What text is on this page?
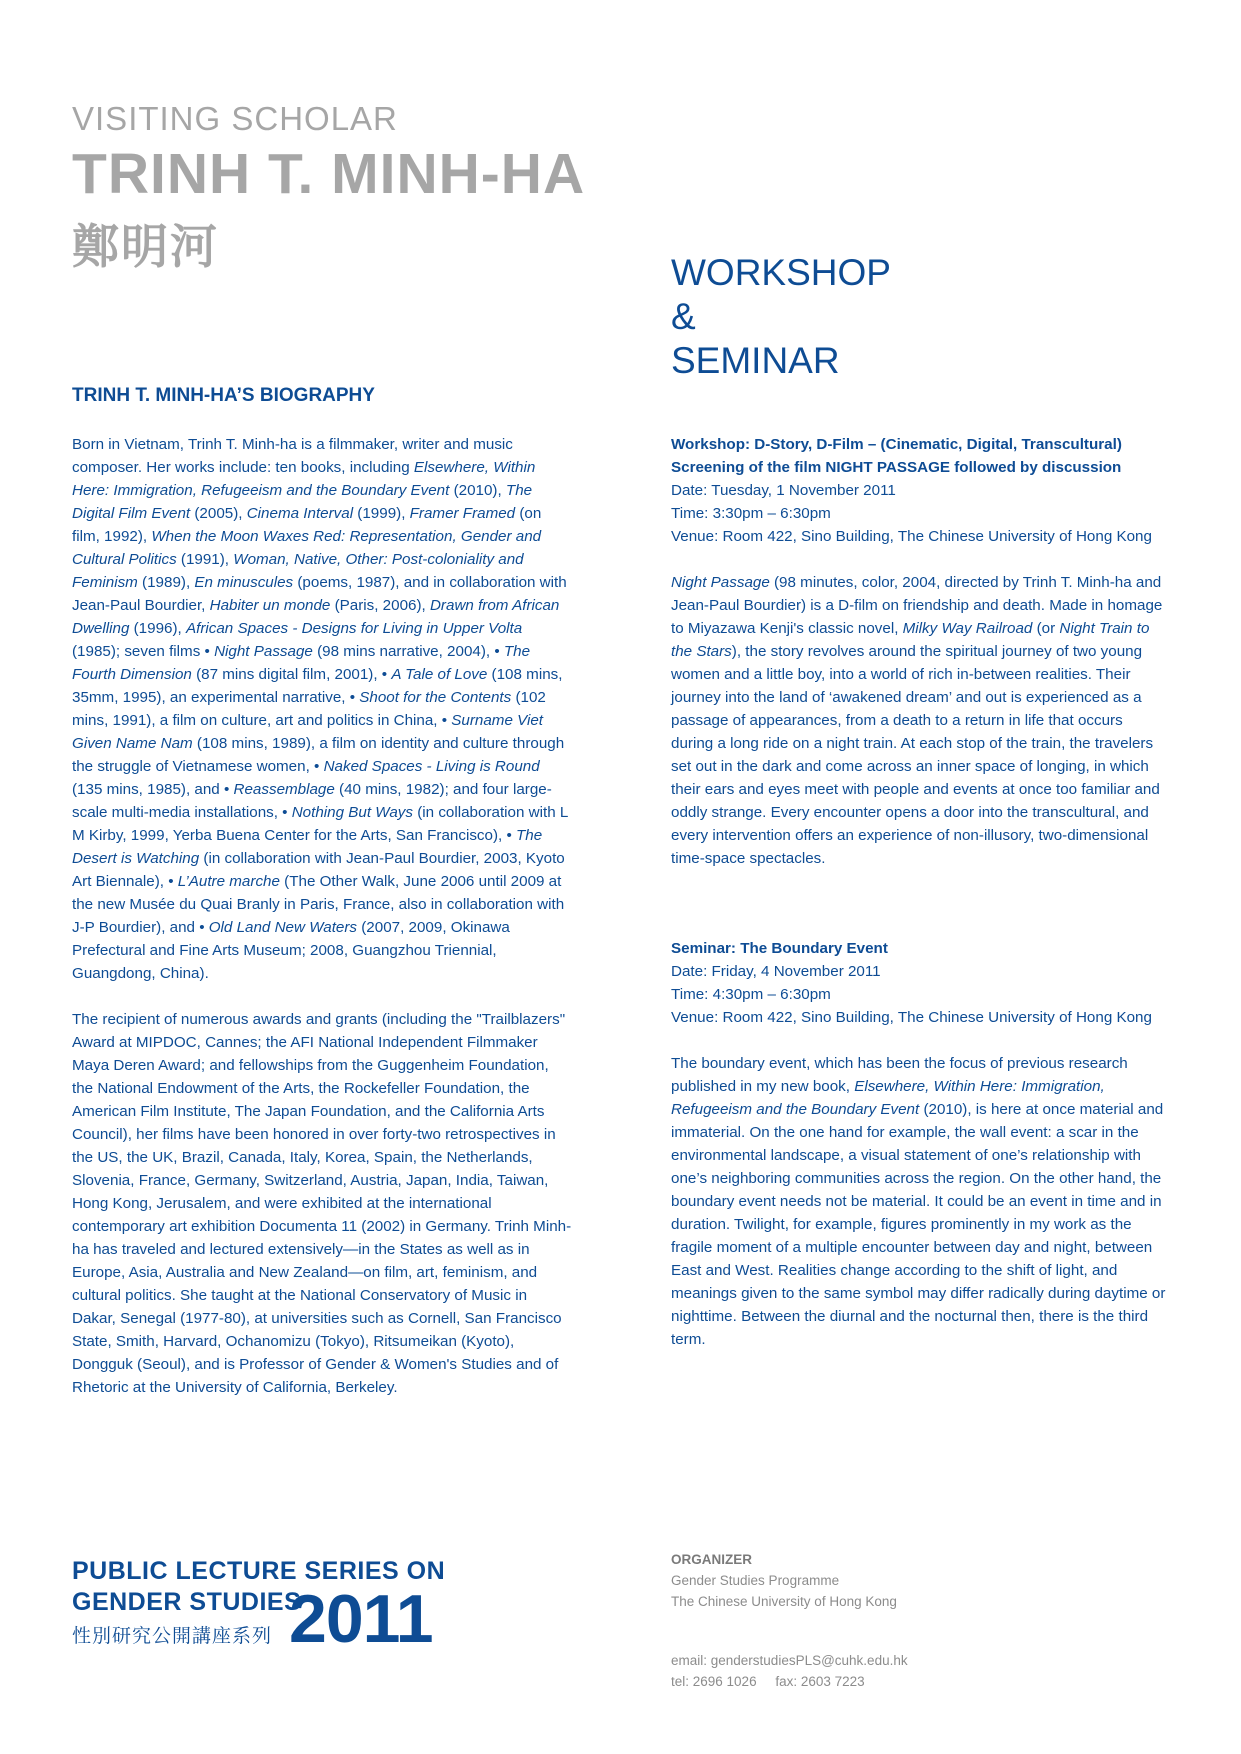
VISITING SCHOLAR
TRINH T. MINH-HA
鄭明河	WORKSHOP
&
SEMINAR
TRINH T. MINH-HA’S BIOGRAPHY

Born in Vietnam, Trinh T. Minh-ha is a filmmaker, writer and music composer. Her works include: ten books, including Elsewhere, Within Here: Immigration, Refugeeism and the Boundary Event (2010), The Digital Film Event (2005), Cinema Interval (1999), Framer Framed (on film, 1992), When the Moon Waxes Red: Representation, Gender and Cultural Politics (1991), Woman, Native, Other: Post-coloniality and Feminism (1989), En minuscules (poems, 1987), and in collaboration with Jean-Paul Bourdier, Habiter un monde (Paris, 2006), Drawn from African Dwelling (1996), African Spaces - Designs for Living in Upper Volta (1985); seven films • Night Passage (98 mins narrative, 2004), • The Fourth Dimension (87 mins digital film, 2001), • A Tale of Love (108 mins, 35mm, 1995), an experimental narrative, • Shoot for the Contents (102 mins, 1991), a film on culture, art and politics in China, • Surname Viet Given Name Nam (108 mins, 1989), a film on identity and culture through the struggle of Vietnamese women, • Naked Spaces - Living is Round (135 mins, 1985), and • Reassemblage (40 mins, 1982); and four large-scale multi-media installations, • Nothing But Ways (in collaboration with L M Kirby, 1999, Yerba Buena Center for the Arts, San Francisco), • The Desert is Watching (in collaboration with Jean-Paul Bourdier, 2003, Kyoto Art Biennale), • L’Autre marche (The Other Walk, June 2006 until 2009 at the new Musée du Quai Branly in Paris, France, also in collaboration with J-P Bourdier), and • Old Land New Waters (2007, 2009, Okinawa Prefectural and Fine Arts Museum; 2008, Guangzhou Triennial, Guangdong, China).

The recipient of numerous awards and grants (including the "Trailblazers" Award at MIPDOC, Cannes; the AFI National Independent Filmmaker Maya Deren Award; and fellowships from the Guggenheim Foundation, the National Endowment of the Arts, the Rockefeller Foundation, the American Film Institute, The Japan Foundation, and the California Arts Council), her films have been honored in over forty-two retrospectives in the US, the UK, Brazil, Canada, Italy, Korea, Spain, the Netherlands, Slovenia, France, Germany, Switzerland, Austria, Japan, India, Taiwan, Hong Kong, Jerusalem, and were exhibited at the international contemporary art exhibition Documenta 11 (2002) in Germany. Trinh Minh-ha has traveled and lectured extensively—in the States as well as in Europe, Asia, Australia and New Zealand—on film, art, feminism, and cultural politics. She taught at the National Conservatory of Music in Dakar, Senegal (1977-80), at universities such as Cornell, San Francisco State, Smith, Harvard, Ochanomizu (Tokyo), Ritsumeikan (Kyoto), Dongguk (Seoul), and is Professor of Gender & Women's Studies and of Rhetoric at the University of California, Berkeley.

Workshop: D-Story, D-Film – (Cinematic, Digital, Transcultural)

Screening of the film NIGHT PASSAGE followed by discussion

Date: Tuesday, 1 November 2011

Time: 3:30pm – 6:30pm

Venue: Room 422, Sino Building, The Chinese University of Hong Kong

Night Passage (98 minutes, color, 2004, directed by Trinh T. Minh-ha and Jean-Paul Bourdier) is a D-film on friendship and death. Made in homage to Miyazawa Kenji's classic novel, Milky Way Railroad (or Night Train to the Stars), the story revolves around the spiritual journey of two young women and a little boy, into a world of rich in-between realities. Their journey into the land of ‘awakened dream’ and out is experienced as a passage of appearances, from a death to a return in life that occurs during a long ride on a night train. At each stop of the train, the travelers set out in the dark and come across an inner space of longing, in which their ears and eyes meet with people and events at once too familiar and oddly strange. Every encounter opens a door into the transcultural, and every intervention offers an experience of non-illusory, two-dimensional time-space spectacles.

Seminar: The Boundary Event

Date: Friday, 4 November 2011

Time: 4:30pm – 6:30pm

Venue: Room 422, Sino Building, The Chinese University of Hong Kong

The boundary event, which has been the focus of previous research published in my new book, Elsewhere, Within Here: Immigration, Refugeeism and the Boundary Event (2010), is here at once material and immaterial. On the one hand for example, the wall event: a scar in the environmental landscape, a visual statement of one’s relationship with one’s neighboring communities across the region. On the other hand, the boundary event needs not be material. It could be an event in time and in duration. Twilight, for example, figures prominently in my work as the fragile moment of a multiple encounter between day and night, between East and West. Realities change according to the shift of light, and meanings given to the same symbol may differ radically during daytime or nighttime. Between the diurnal and the nocturnal then, there is the third term.

PUBLIC LECTURE SERIES ON
GENDER STUDIES
性別研究公開講座系列 2011
ORGANIZER
Gender Studies Programme
The Chinese University of Hong Kong
email: genderstudiesPLS@cuhk.edu.hk
tel: 2696 1026 fax: 2603 7223
